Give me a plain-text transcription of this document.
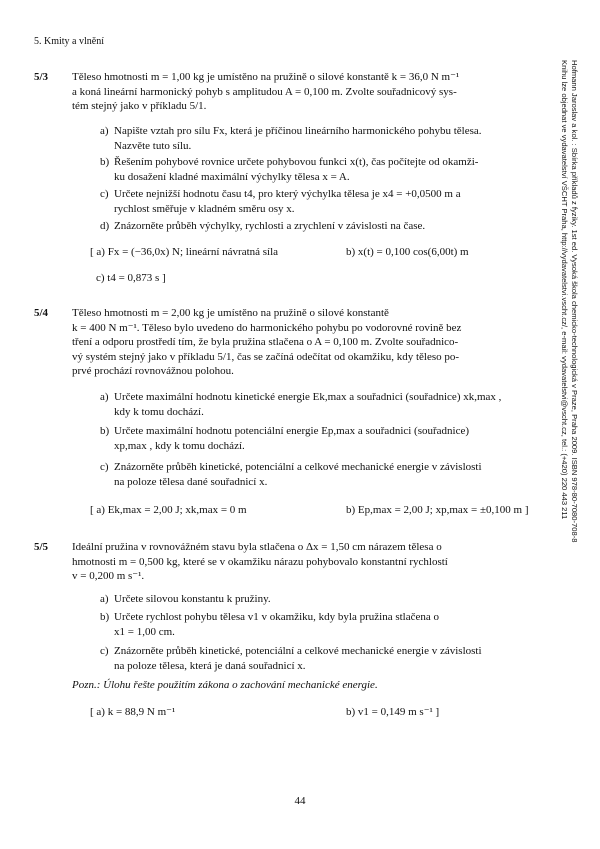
5. Kmity a vlnění
Hofmann Jaroslav a kol. : Sbírka příkladů z fyziky. 1st ed. Vysoká škola chemicko-technologická v Praze, Praha 2009. ISBN 978-80-7080-708-8
Knihu lze objednat ve vydavatelství VŠCHT Praha, http://vydavatelstvi.vscht.cz/, e-mail: vydavatelstvi@vscht.cz, tel.: (+420) 220 443 211
5/3	Těleso hmotnosti m = 1,00 kg je umístěno na pružině o silové konstantě k = 36,0 N m⁻¹
a koná lineární harmonický pohyb s amplitudou A = 0,100 m. Zvolte souřadnicový sys-
tém stejný jako v příkladu 5/1.
a) Napište vztah pro sílu Fx, která je příčinou lineárního harmonického pohybu tělesa.
Nazvěte tuto sílu.
b) Řešením pohybové rovnice určete pohybovou funkci x(t), čas počítejte od okamži-
ku dosažení kladné maximální výchylky tělesa x = A.
c) Určete nejnižší hodnotu času t4, pro který výchylka tělesa je x4 = +0,0500 m a
rychlost směřuje v kladném směru osy x.
d) Znázorněte průběh výchylky, rychlosti a zrychlení v závislosti na čase.
[ a) Fx = (−36,0x) N; lineární návratná síla	b) x(t) = 0,100 cos(6,00t) m
c) t4 = 0,873 s ]
5/4	Těleso hmotnosti m = 2,00 kg je umístěno na pružině o silové konstantě
k = 400 N m⁻¹. Těleso bylo uvedeno do harmonického pohybu po vodorovné rovině bez
tření a odporu prostředí tím, že byla pružina stlačena o A = 0,100 m. Zvolte souřadnico-
vý systém stejný jako v příkladu 5/1, čas se začíná odečítat od okamžiku, kdy těleso po-
prvé prochází rovnovážnou polohou.
a) Určete maximální hodnotu kinetické energie Ek,max a souřadnici (souřadnice) xk,max ,
kdy k tomu dochází.
b) Určete maximální hodnotu potenciální energie Ep,max a souřadnici (souřadnice)
xp,max , kdy k tomu dochází.
c) Znázorněte průběh kinetické, potenciální a celkové mechanické energie v závislosti
na poloze tělesa dané souřadnicí x.
[ a) Ek,max = 2,00 J; xk,max = 0 m	b) Ep,max = 2,00 J; xp,max = ±0,100 m ]
5/5	Ideální pružina v rovnovážném stavu byla stlačena o Δx = 1,50 cm nárazem tělesa o
hmotnosti m = 0,500 kg, které se v okamžiku nárazu pohybovalo konstantní rychlostí
v = 0,200 m s⁻¹.
a) Určete silovou konstantu k pružiny.
b) Určete rychlost pohybu tělesa v1 v okamžiku, kdy byla pružina stlačena o
x1 = 1,00 cm.
c) Znázorněte průběh kinetické, potenciální a celkové mechanické energie v závislosti
na poloze tělesa, která je daná souřadnicí x.
Pozn.: Úlohu řešte použitím zákona o zachování mechanické energie.
[ a) k = 88,9 N m⁻¹	b) v1 = 0,149 m s⁻¹ ]
44
